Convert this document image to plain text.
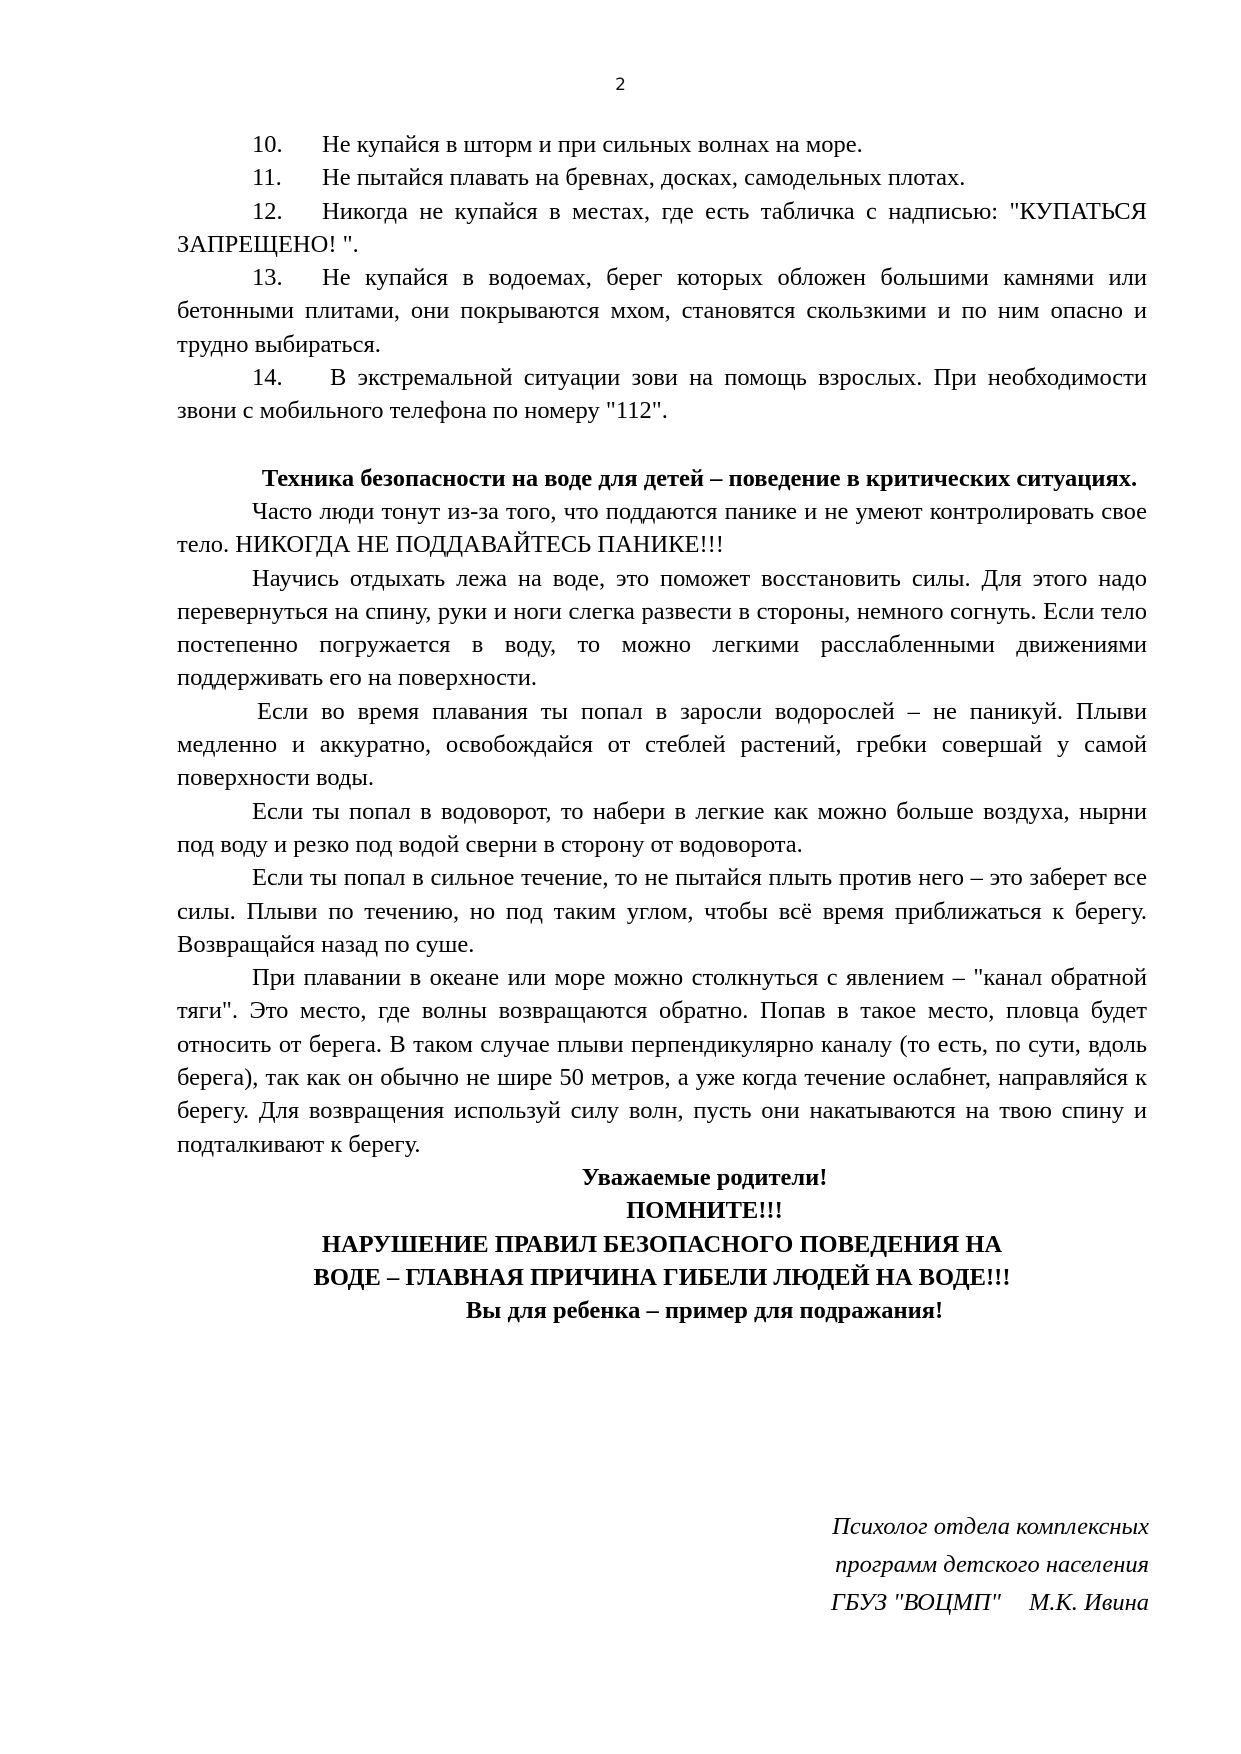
2

10. Не купайся в шторм и при сильных волнах на море.

11. Не пытайся плавать на бревнах, досках, самодельных плотах.

12. Никогда не купайся в местах, где есть табличка с надписью: "КУПАТЬСЯ ЗАПРЕЩЕНО! ".

13. Не купайся в водоемах, берег которых обложен большими камнями или бетонными плитами, они покрываются мхом, становятся скользкими и по ним опасно и трудно выбираться.

14. В экстремальной ситуации зови на помощь взрослых. При необходимости звони с мобильного телефона по номеру "112".

Техника безопасности на воде для детей – поведение в критических ситуациях.

Часто люди тонут из-за того, что поддаются панике и не умеют контролировать свое тело. НИКОГДА НЕ ПОДДАВАЙТЕСЬ ПАНИКЕ!!!

Научись отдыхать лежа на воде, это поможет восстановить силы. Для этого надо перевернуться на спину, руки и ноги слегка развести в стороны, немного согнуть. Если тело постепенно погружается в воду, то можно легкими расслабленными движениями поддерживать его на поверхности.

Если во время плавания ты попал в заросли водорослей – не паникуй. Плыви медленно и аккуратно, освобождайся от стеблей растений, гребки совершай у самой поверхности воды.

Если ты попал в водоворот, то набери в легкие как можно больше воздуха, нырни под воду и резко под водой сверни в сторону от водоворота.

Если ты попал в сильное течение, то не пытайся плыть против него – это заберет все силы. Плыви по течению, но под таким углом, чтобы всё время приближаться к берегу. Возвращайся назад по суше.

При плавании в океане или море можно столкнуться с явлением – "канал обратной тяги". Это место, где волны возвращаются обратно. Попав в такое место, пловца будет относить от берега. В таком случае плыви перпендикулярно каналу (то есть, по сути, вдоль берега), так как он обычно не шире 50 метров, а уже когда течение ослабнет, направляйся к берегу. Для возвращения используй силу волн, пусть они накатываются на твою спину и подталкивают к берегу.

Уважаемые родители!
ПОМНИТЕ!!!
НАРУШЕНИЕ ПРАВИЛ БЕЗОПАСНОГО ПОВЕДЕНИЯ НА
ВОДЕ – ГЛАВНАЯ ПРИЧИНА ГИБЕЛИ ЛЮДЕЙ НА ВОДЕ!!!
Вы для ребенка – пример для подражания!
Психолог отдела комплексных
программ детского населения
ГБУЗ "ВОЦМП" М.К. Ивина
